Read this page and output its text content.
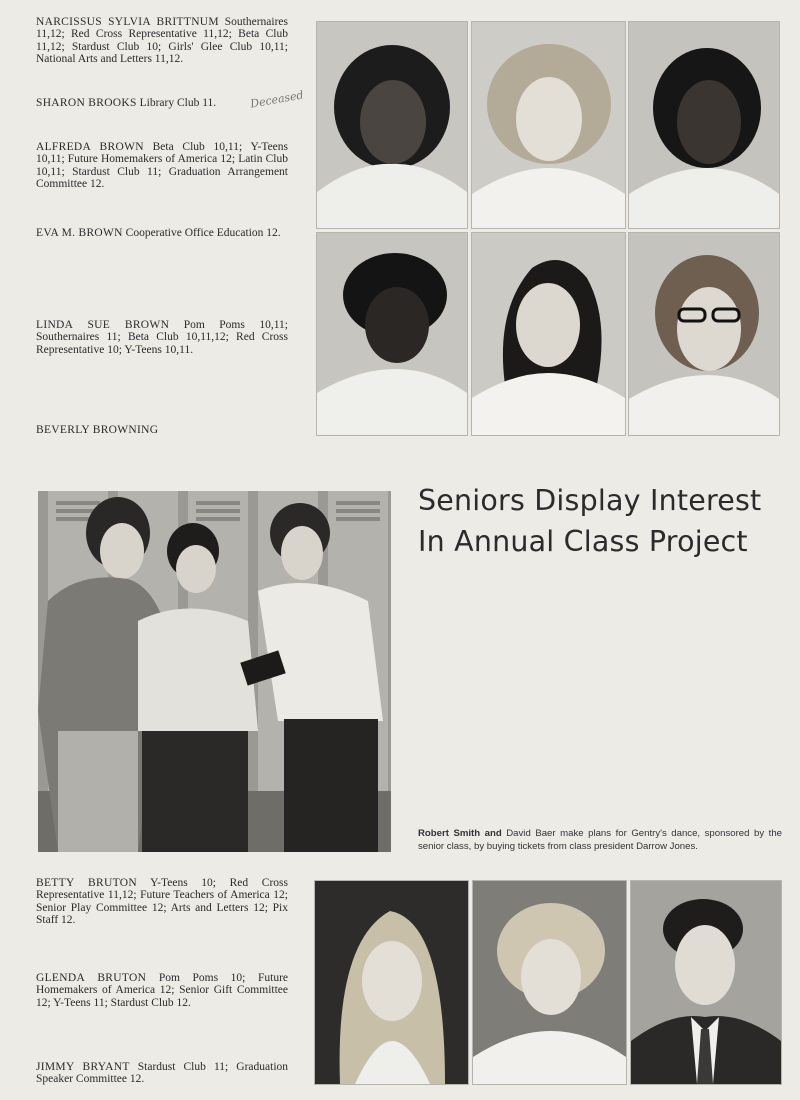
NARCISSUS SYLVIA BRITTNUM Southernaires 11,12; Red Cross Representative 11,12; Beta Club 11,12; Stardust Club 10; Girls' Glee Club 10,11; National Arts and Letters 11,12.
SHARON BROOKS Library Club 11.	Deceased
ALFREDA BROWN Beta Club 10,11; Y-Teens 10,11; Future Homemakers of America 12; Latin Club 10,11; Stardust Club 11; Graduation Arrangement Committee 12.
EVA M. BROWN Cooperative Office Education 12.
LINDA SUE BROWN Pom Poms 10,11; Southernaires 11; Beta Club 10,11,12; Red Cross Representative 10; Y-Teens 10,11.
BEVERLY BROWNING
Seniors Display Interest
In Annual Class Project
Robert Smith and David Baer make plans for Gentry's dance, sponsored by the senior class, by buying tickets from class president Darrow Jones.
BETTY BRUTON Y-Teens 10; Red Cross Representative 11,12; Future Teachers of America 12; Senior Play Committee 12; Arts and Letters 12; Pix Staff 12.
GLENDA BRUTON Pom Poms 10; Future Homemakers of America 12; Senior Gift Committee 12; Y-Teens 11; Stardust Club 12.
JIMMY BRYANT Stardust Club 11; Graduation Speaker Committee 12.
